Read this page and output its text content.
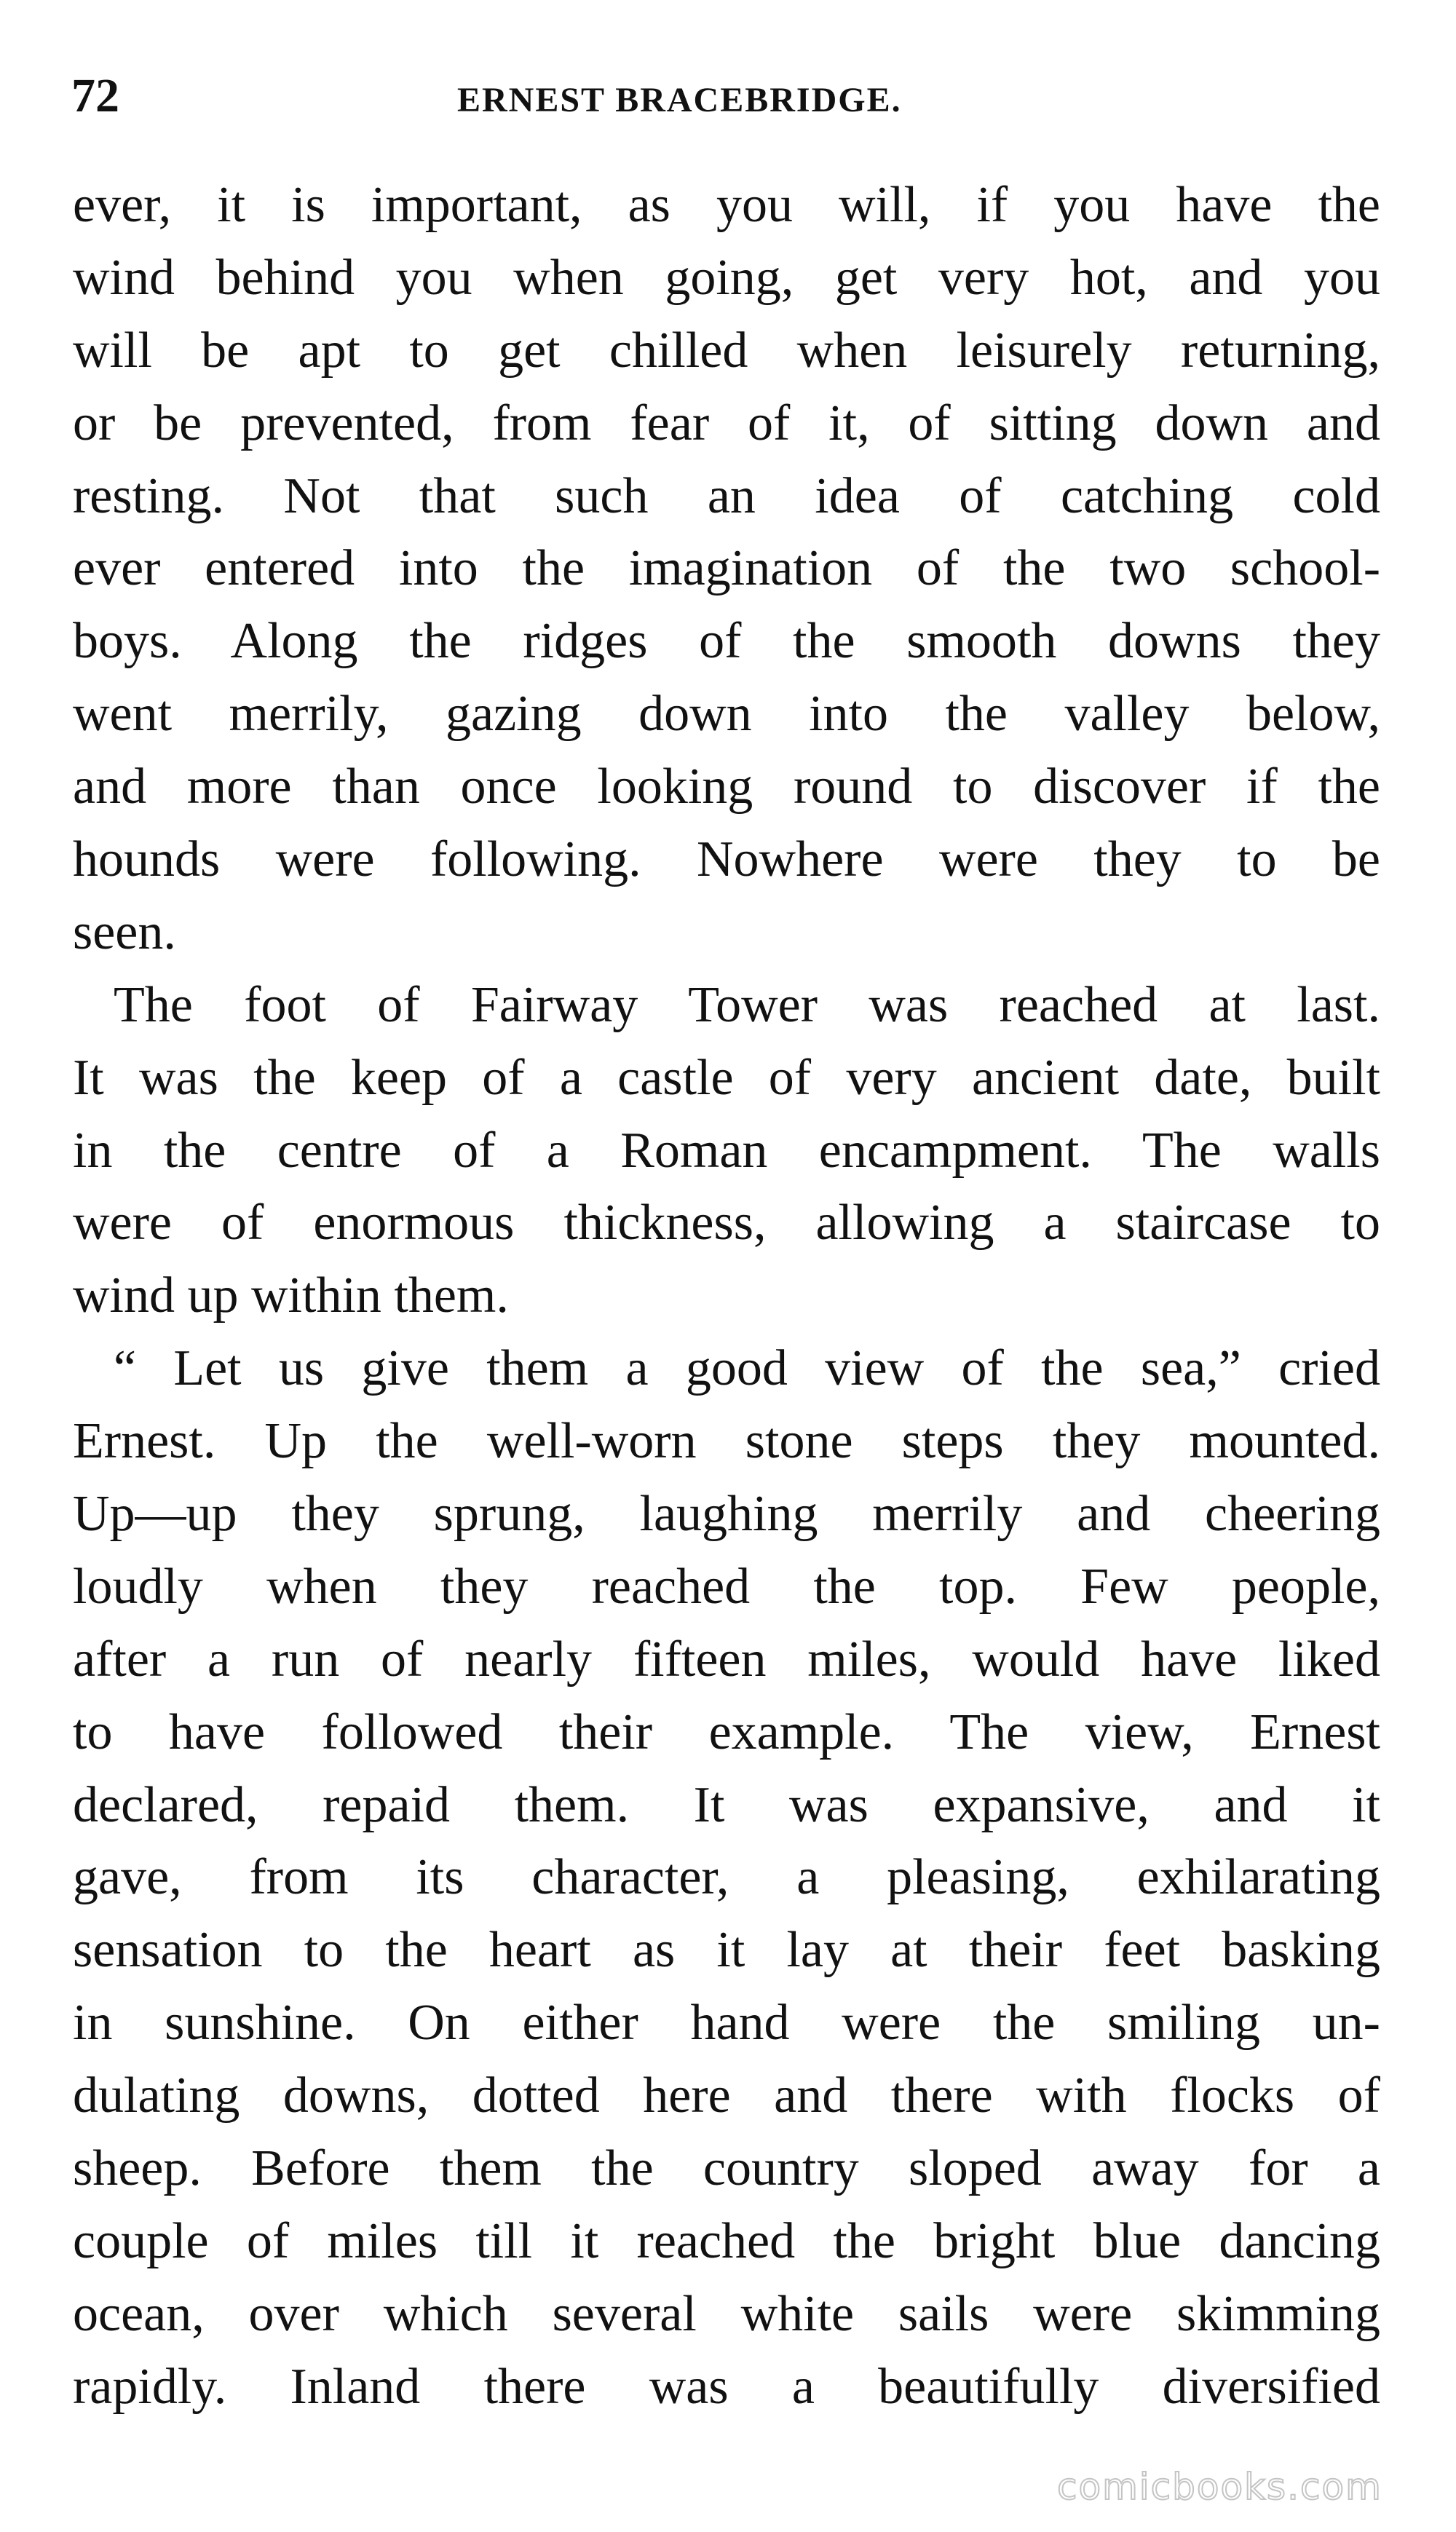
72	ERNEST BRACEBRIDGE.
ever, it is important, as you will, if you have the
wind behind you when going, get very hot, and you
will be apt to get chilled when leisurely returning,
or be prevented, from fear of it, of sitting down and
resting. Not that such an idea of catching cold
ever entered into the imagination of the two school-
boys. Along the ridges of the smooth downs they
went merrily, gazing down into the valley below,
and more than once looking round to discover if the
hounds were following. Nowhere were they to be
seen.
The foot of Fairway Tower was reached at last.
It was the keep of a castle of very ancient date, built
in the centre of a Roman encampment. The walls
were of enormous thickness, allowing a staircase to
wind up within them.
“ Let us give them a good view of the sea,” cried
Ernest. Up the well-worn stone steps they mounted.
Up—up they sprung, laughing merrily and cheering
loudly when they reached the top. Few people,
after a run of nearly fifteen miles, would have liked
to have followed their example. The view, Ernest
declared, repaid them. It was expansive, and it
gave, from its character, a pleasing, exhilarating
sensation to the heart as it lay at their feet basking
in sunshine. On either hand were the smiling un-
dulating downs, dotted here and there with flocks of
sheep. Before them the country sloped away for a
couple of miles till it reached the bright blue dancing
ocean, over which several white sails were skimming
rapidly. Inland there was a beautifully diversified
comicbooks.com
